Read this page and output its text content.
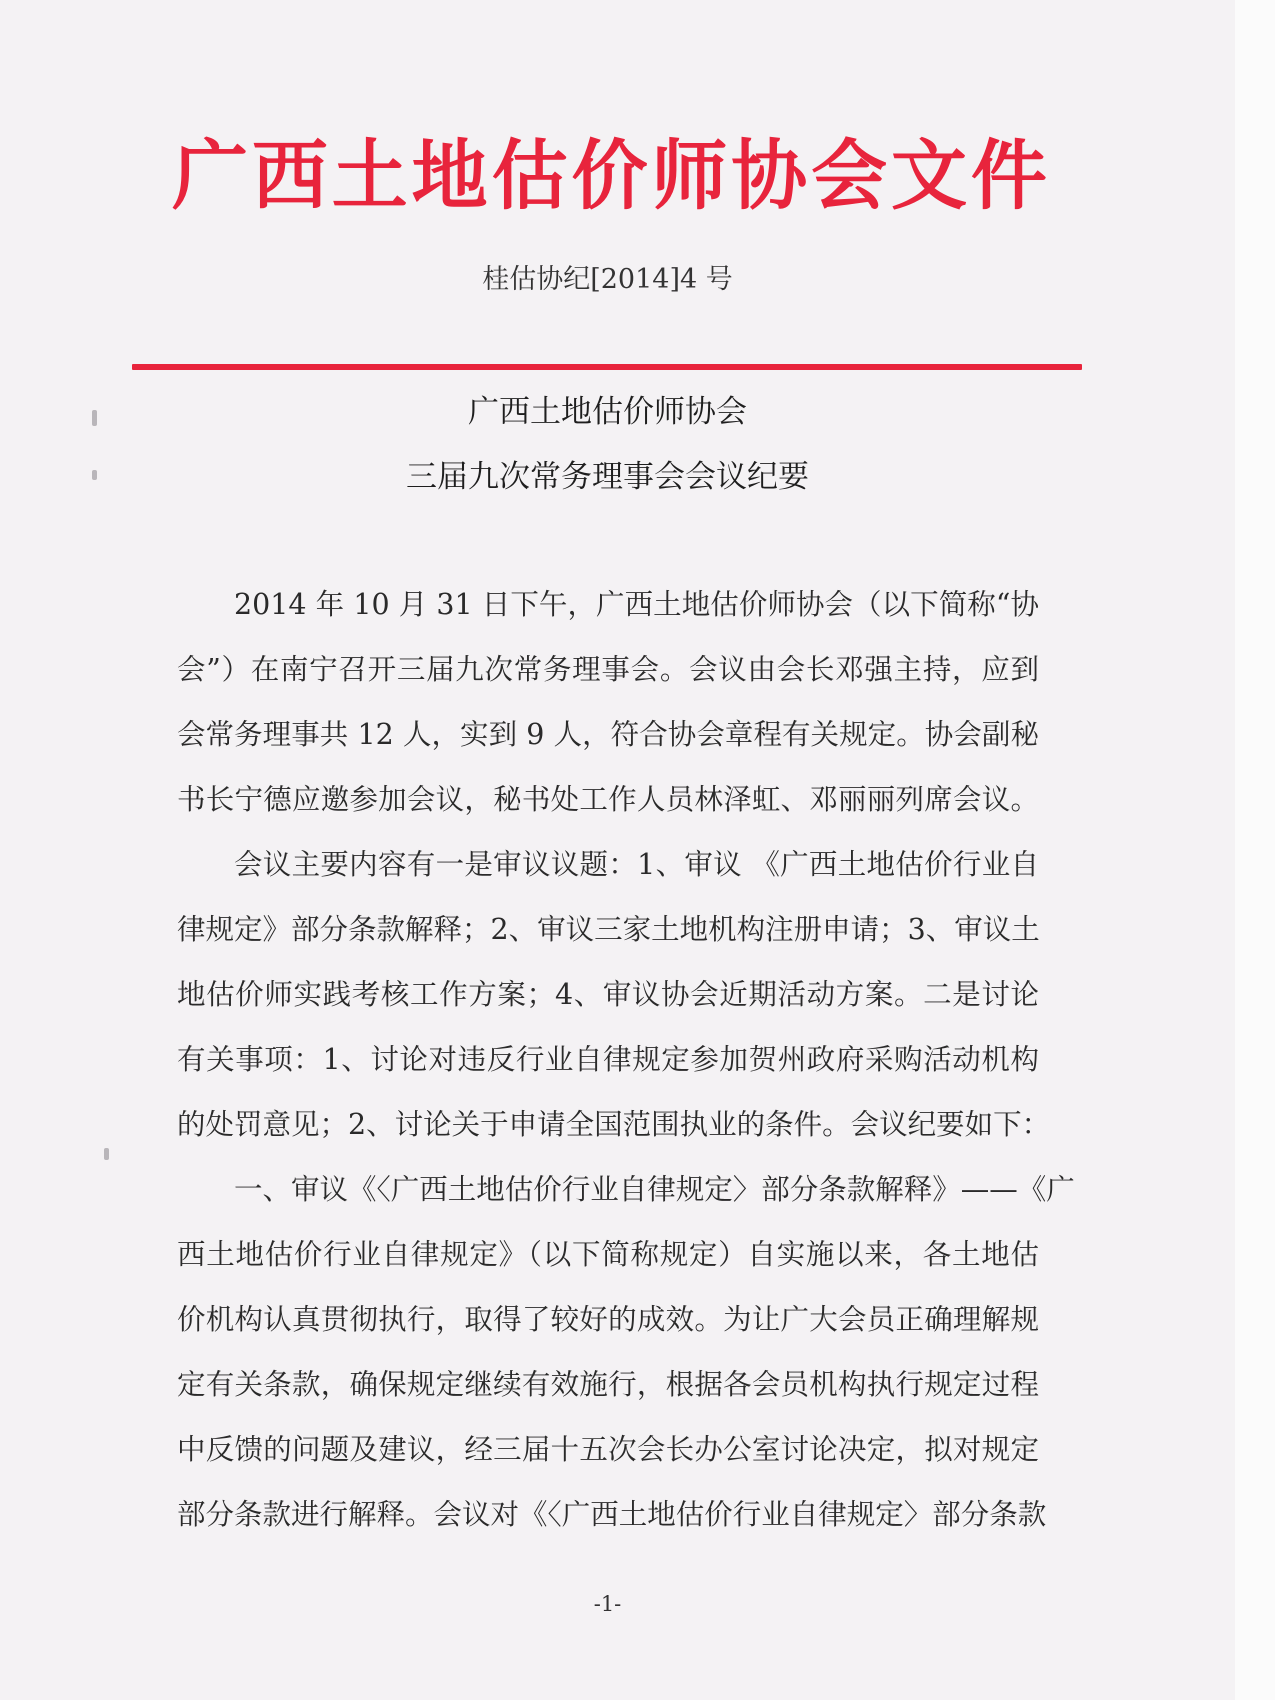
广 西 土 地 估 价 师 协 会 文 件
桂估协纪[2014]4 号
广西土地估价师协会
三届九次常务理事会会议纪要
2014 年 10 月 31 日下午，广西土地估价师协会（以下简称“协
会”）在南宁召开三届九次常务理事会。会议由会长邓强主持，应到
会常务理事共 12 人，实到 9 人，符合协会章程有关规定。协会副秘
书长宁德应邀参加会议，秘书处工作人员林泽虹、邓丽丽列席会议。
会议主要内容有一是审议议题：1、审议 《广西土地估价行业自
律规定》部分条款解释；2、审议三家土地机构注册申请；3、审议土
地估价师实践考核工作方案；4、审议协会近期活动方案。二是讨论
有关事项：1、讨论对违反行业自律规定参加贺州政府采购活动机构
的处罚意见；2、讨论关于申请全国范围执业的条件。会议纪要如下：
一、审议《〈广西土地估价行业自律规定〉部分条款解释》——《广
西土地估价行业自律规定》（以下简称规定）自实施以来，各土地估
价机构认真贯彻执行，取得了较好的成效。为让广大会员正确理解规
定有关条款，确保规定继续有效施行，根据各会员机构执行规定过程
中反馈的问题及建议，经三届十五次会长办公室讨论决定，拟对规定
部分条款进行解释。会议对《〈广西土地估价行业自律规定〉部分条款
-1-
